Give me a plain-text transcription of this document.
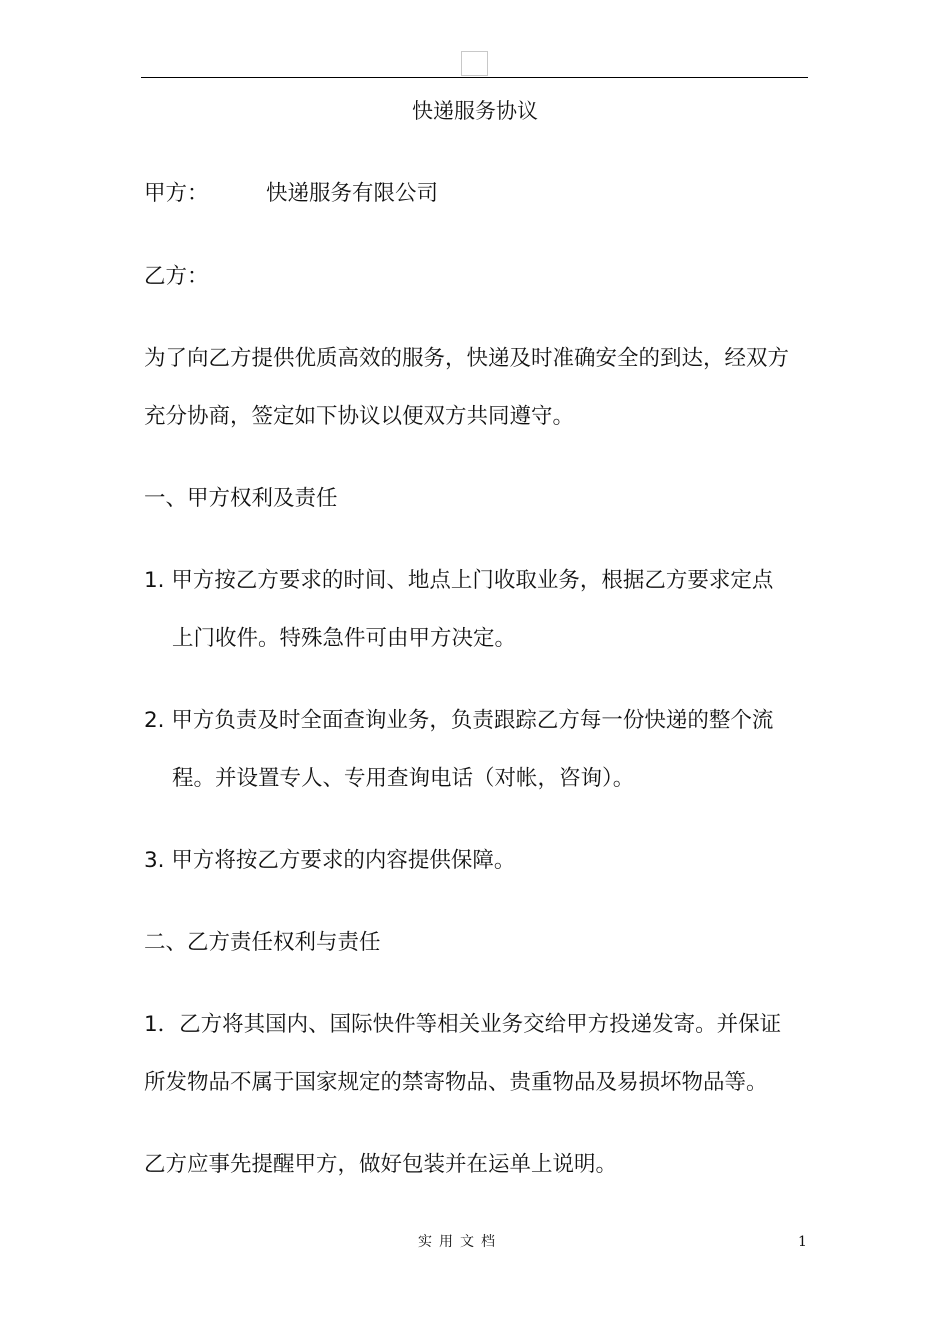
快递服务协议
甲方：	快递服务有限公司
乙方：
为了向乙方提供优质高效的服务，快递及时准确安全的到达，经双方
充分协商，签定如下协议以便双方共同遵守。
一、甲方权利及责任
1. 甲方按乙方要求的时间、地点上门收取业务，根据乙方要求定点
上门收件。特殊急件可由甲方决定。
2. 甲方负责及时全面查询业务，负责跟踪乙方每一份快递的整个流
程。并设置专人、专用查询电话（对帐，咨询）。
3. 甲方将按乙方要求的内容提供保障。
二、乙方责任权利与责任
1．乙方将其国内、国际快件等相关业务交给甲方投递发寄。并保证
所发物品不属于国家规定的禁寄物品、贵重物品及易损坏物品等。
乙方应事先提醒甲方，做好包装并在运单上说明。
实用文档	1
